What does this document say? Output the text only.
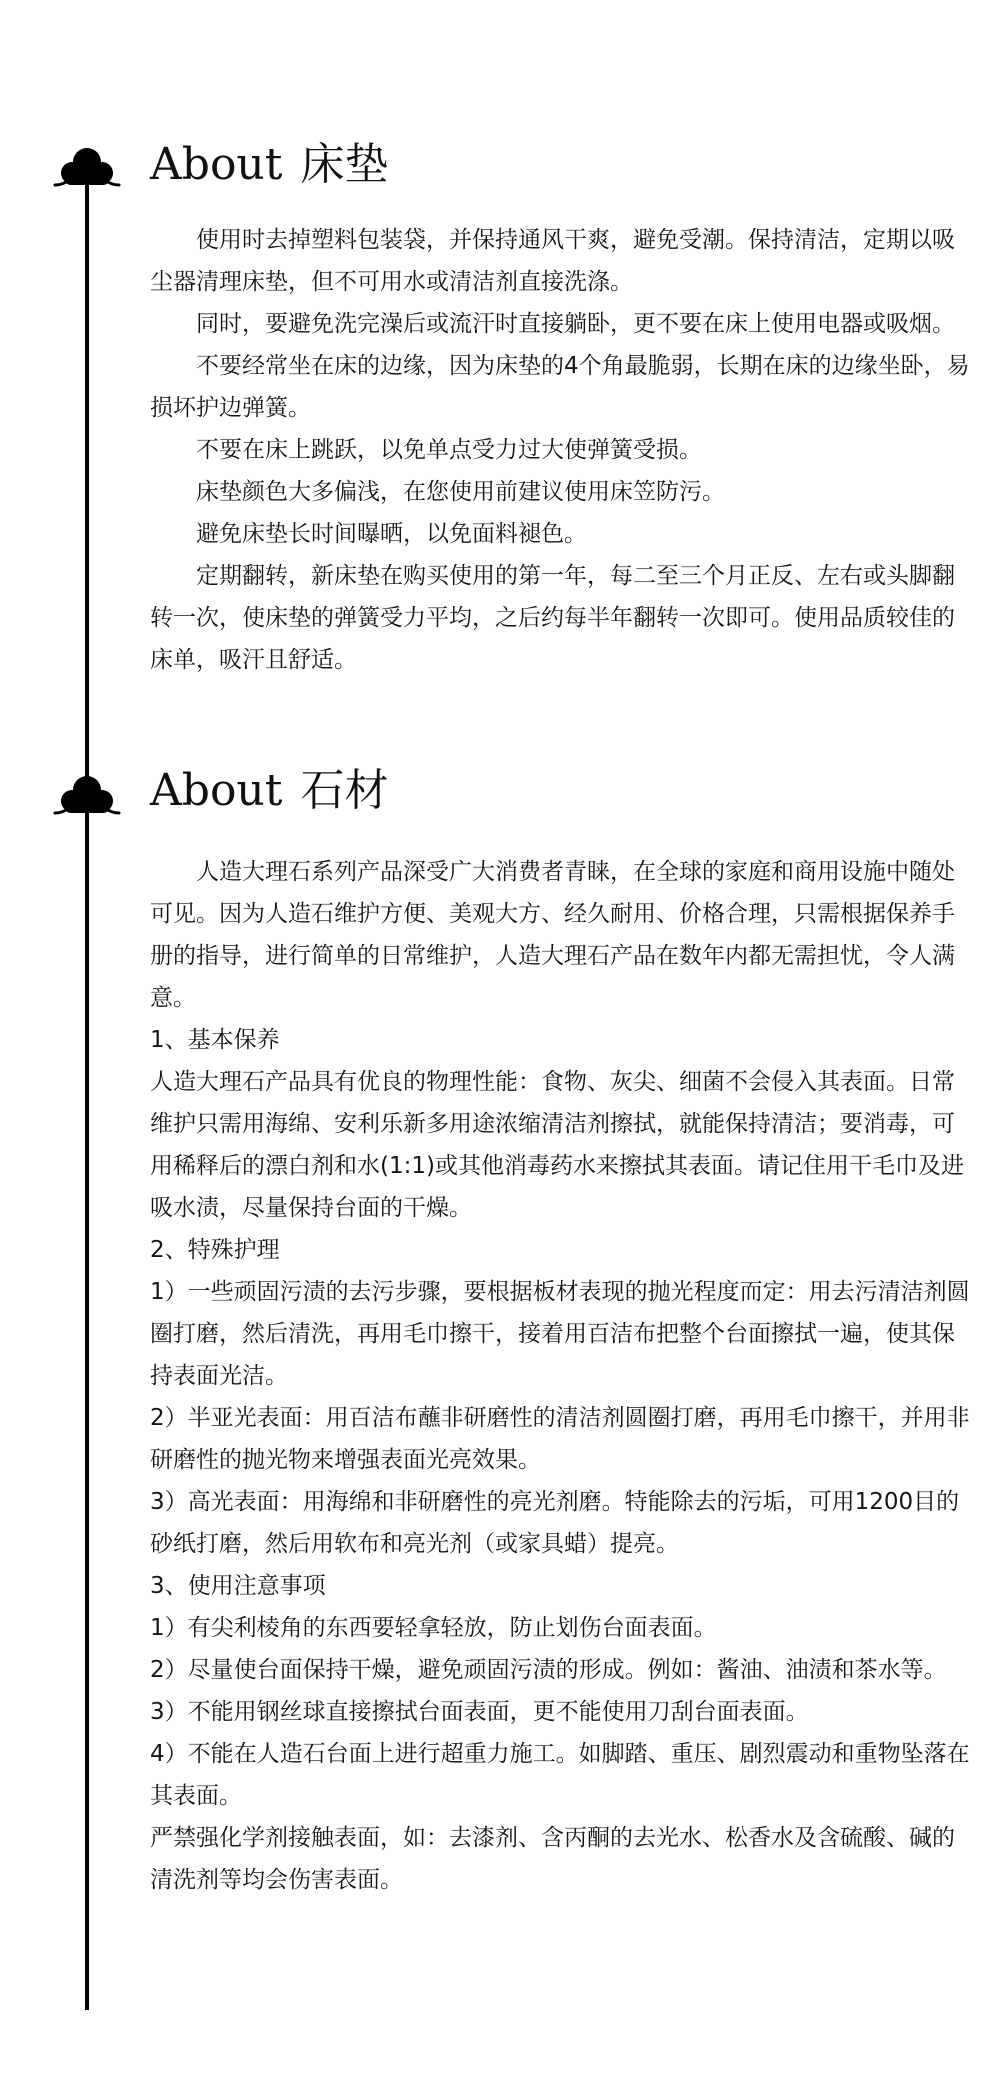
About 床垫

使用时去掉塑料包装袋，并保持通风干爽，避免受潮。保持清洁，定期以吸尘器清理床垫，但不可用水或清洁剂直接洗涤。

同时，要避免洗完澡后或流汗时直接躺卧，更不要在床上使用电器或吸烟。

不要经常坐在床的边缘，因为床垫的4个角最脆弱，长期在床的边缘坐卧，易损坏护边弹簧。

不要在床上跳跃，以免单点受力过大使弹簧受损。

床垫颜色大多偏浅，在您使用前建议使用床笠防污。

避免床垫长时间曝晒，以免面料褪色。

定期翻转，新床垫在购买使用的第一年，每二至三个月正反、左右或头脚翻转一次，使床垫的弹簧受力平均，之后约每半年翻转一次即可。使用品质较佳的床单，吸汗且舒适。

About 石材

人造大理石系列产品深受广大消费者青睐，在全球的家庭和商用设施中随处可见。因为人造石维护方便、美观大方、经久耐用、价格合理，只需根据保养手册的指导，进行简单的日常维护，人造大理石产品在数年内都无需担忧，令人满意。

1、基本保养

人造大理石产品具有优良的物理性能：食物、灰尖、细菌不会侵入其表面。日常维护只需用海绵、安利乐新多用途浓缩清洁剂擦拭，就能保持清洁；要消毒，可用稀释后的漂白剂和水(1:1)或其他消毒药水来擦拭其表面。请记住用干毛巾及进吸水渍，尽量保持台面的干燥。

2、特殊护理

1）一些顽固污渍的去污步骤，要根据板材表现的抛光程度而定：用去污清洁剂圆圈打磨，然后清洗，再用毛巾擦干，接着用百洁布把整个台面擦拭一遍，使其保持表面光洁。

2）半亚光表面：用百洁布蘸非研磨性的清洁剂圆圈打磨，再用毛巾擦干，并用非研磨性的抛光物来增强表面光亮效果。

3）高光表面：用海绵和非研磨性的亮光剂磨。特能除去的污垢，可用1200目的砂纸打磨，然后用软布和亮光剂（或家具蜡）提亮。

3、使用注意事项

1）有尖利棱角的东西要轻拿轻放，防止划伤台面表面。

2）尽量使台面保持干燥，避免顽固污渍的形成。例如：酱油、油渍和茶水等。

3）不能用钢丝球直接擦拭台面表面，更不能使用刀刮台面表面。

4）不能在人造石台面上进行超重力施工。如脚踏、重压、剧烈震动和重物坠落在其表面。

严禁强化学剂接触表面，如：去漆剂、含丙酮的去光水、松香水及含硫酸、碱的清洗剂等均会伤害表面。
